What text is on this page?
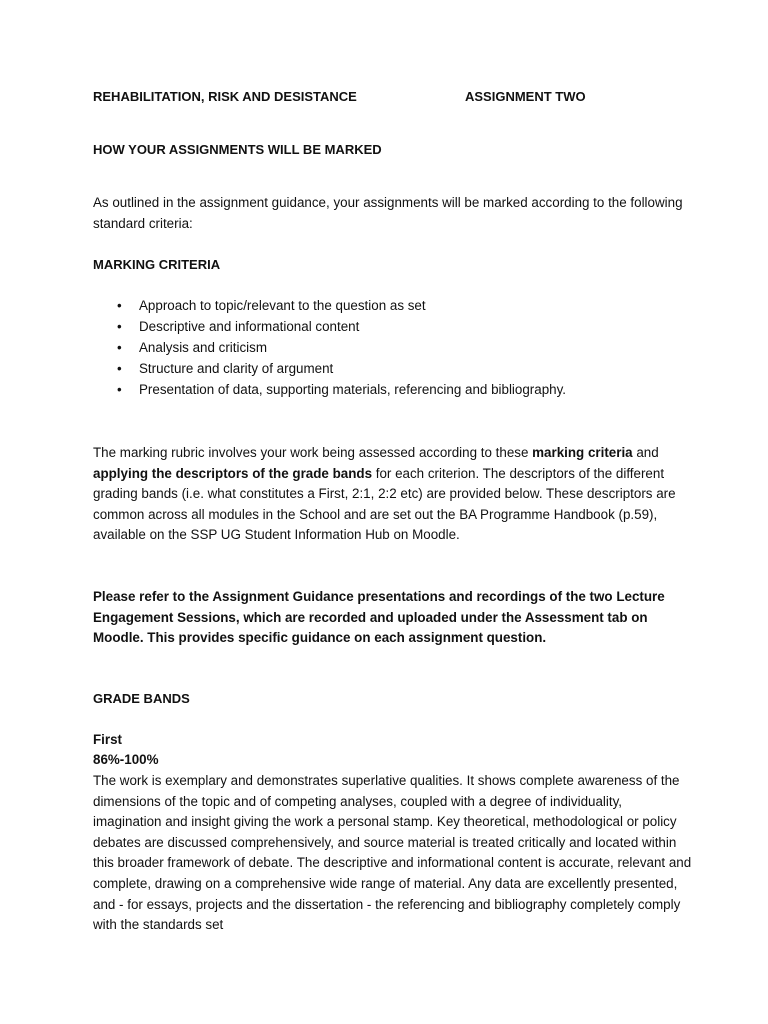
REHABILITATION, RISK AND DESISTANCE	ASSIGNMENT TWO

HOW YOUR ASSIGNMENTS WILL BE MARKED

As outlined in the assignment guidance, your assignments will be marked according to the following standard criteria:

MARKING CRITERIA

• Approach to topic/relevant to the question as set
• Descriptive and informational content
• Analysis and criticism
• Structure and clarity of argument
• Presentation of data, supporting materials, referencing and bibliography.

The marking rubric involves your work being assessed according to these marking criteria and applying the descriptors of the grade bands for each criterion. The descriptors of the different grading bands (i.e. what constitutes a First, 2:1, 2:2 etc) are provided below. These descriptors are common across all modules in the School and are set out the BA Programme Handbook (p.59), available on the SSP UG Student Information Hub on Moodle.

Please refer to the Assignment Guidance presentations and recordings of the two Lecture Engagement Sessions, which are recorded and uploaded under the Assessment tab on Moodle. This provides specific guidance on each assignment question.

GRADE BANDS

First

86%-100%

The work is exemplary and demonstrates superlative qualities. It shows complete awareness of the dimensions of the topic and of competing analyses, coupled with a degree of individuality, imagination and insight giving the work a personal stamp. Key theoretical, methodological or policy debates are discussed comprehensively, and source material is treated critically and located within this broader framework of debate. The descriptive and informational content is accurate, relevant and complete, drawing on a comprehensive wide range of material. Any data are excellently presented, and - for essays, projects and the dissertation - the referencing and bibliography completely comply with the standards set
